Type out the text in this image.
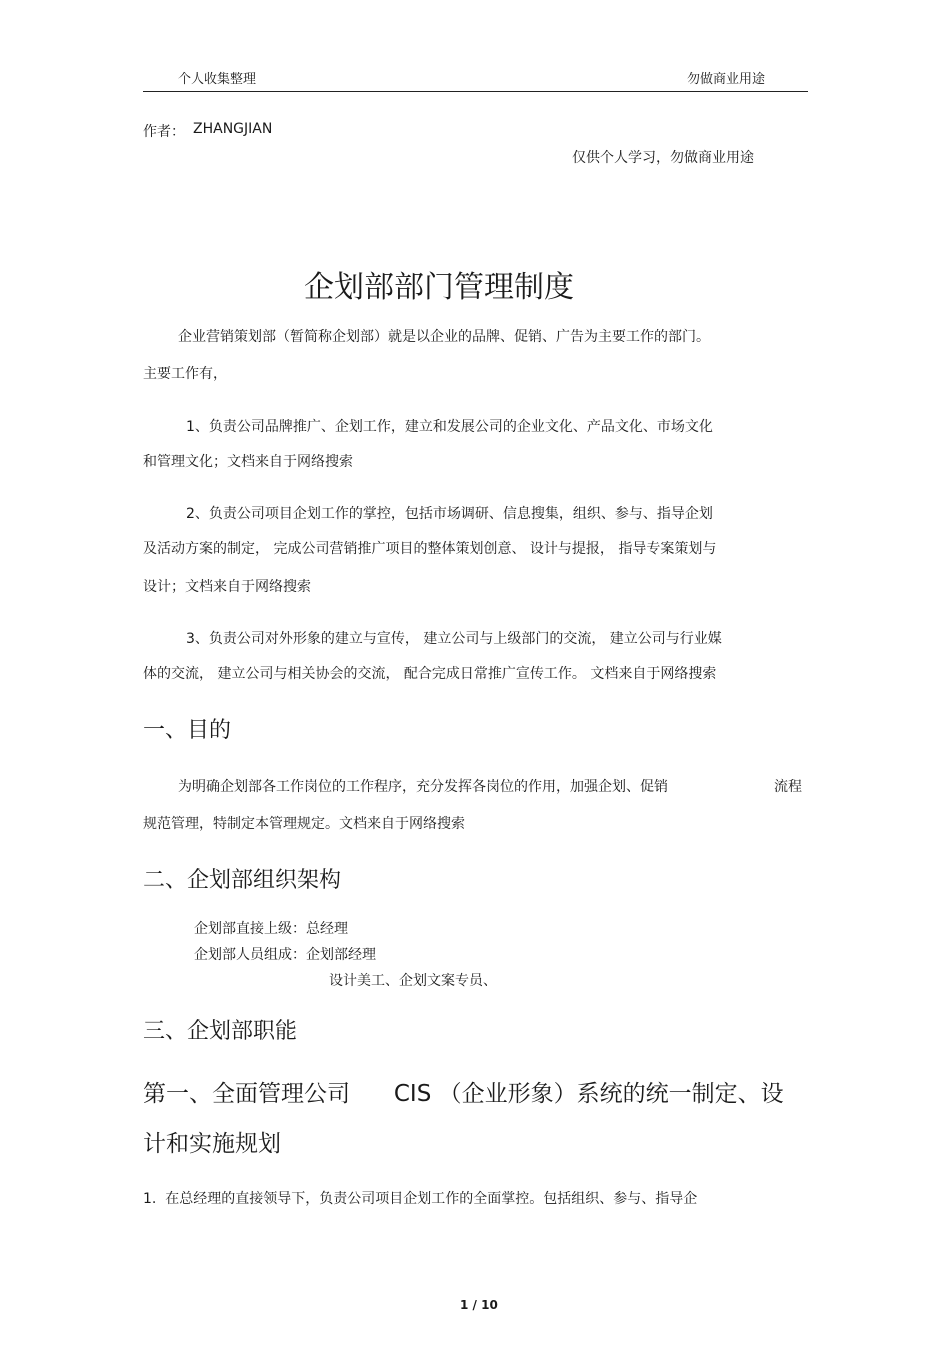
个人收集整理	勿做商业用途
作者： ZHANGJIAN
仅供个人学习，勿做商业用途
企划部部门管理制度
企业营销策划部（暂简称企划部）就是以企业的品牌、促销、广告为主要工作的部门。
主要工作有，
1、负责公司品牌推广、企划工作，建立和发展公司的企业文化、产品文化、市场文化
和管理文化；文档来自于网络搜索
2、负责公司项目企划工作的掌控，包括市场调研、信息搜集，组织、参与、指导企划
及活动方案的制定， 完成公司营销推广项目的整体策划创意、 设计与提报， 指导专案策划与
设计；文档来自于网络搜索
3、负责公司对外形象的建立与宣传， 建立公司与上级部门的交流， 建立公司与行业媒
体的交流， 建立公司与相关协会的交流， 配合完成日常推广宣传工作。 文档来自于网络搜索
一、目的
为明确企划部各工作岗位的工作程序，充分发挥各岗位的作用，加强企划、促销	流程
规范管理，特制定本管理规定。文档来自于网络搜索
二、企划部组织架构
企划部直接上级：总经理
企划部人员组成：企划部经理
设计美工、企划文案专员、
三、企划部职能
第一、全面管理公司      CIS （企业形象）系统的统一制定、设
计和实施规划
1.  在总经理的直接领导下，负责公司项目企划工作的全面掌控。包括组织、参与、指导企
1 / 10
